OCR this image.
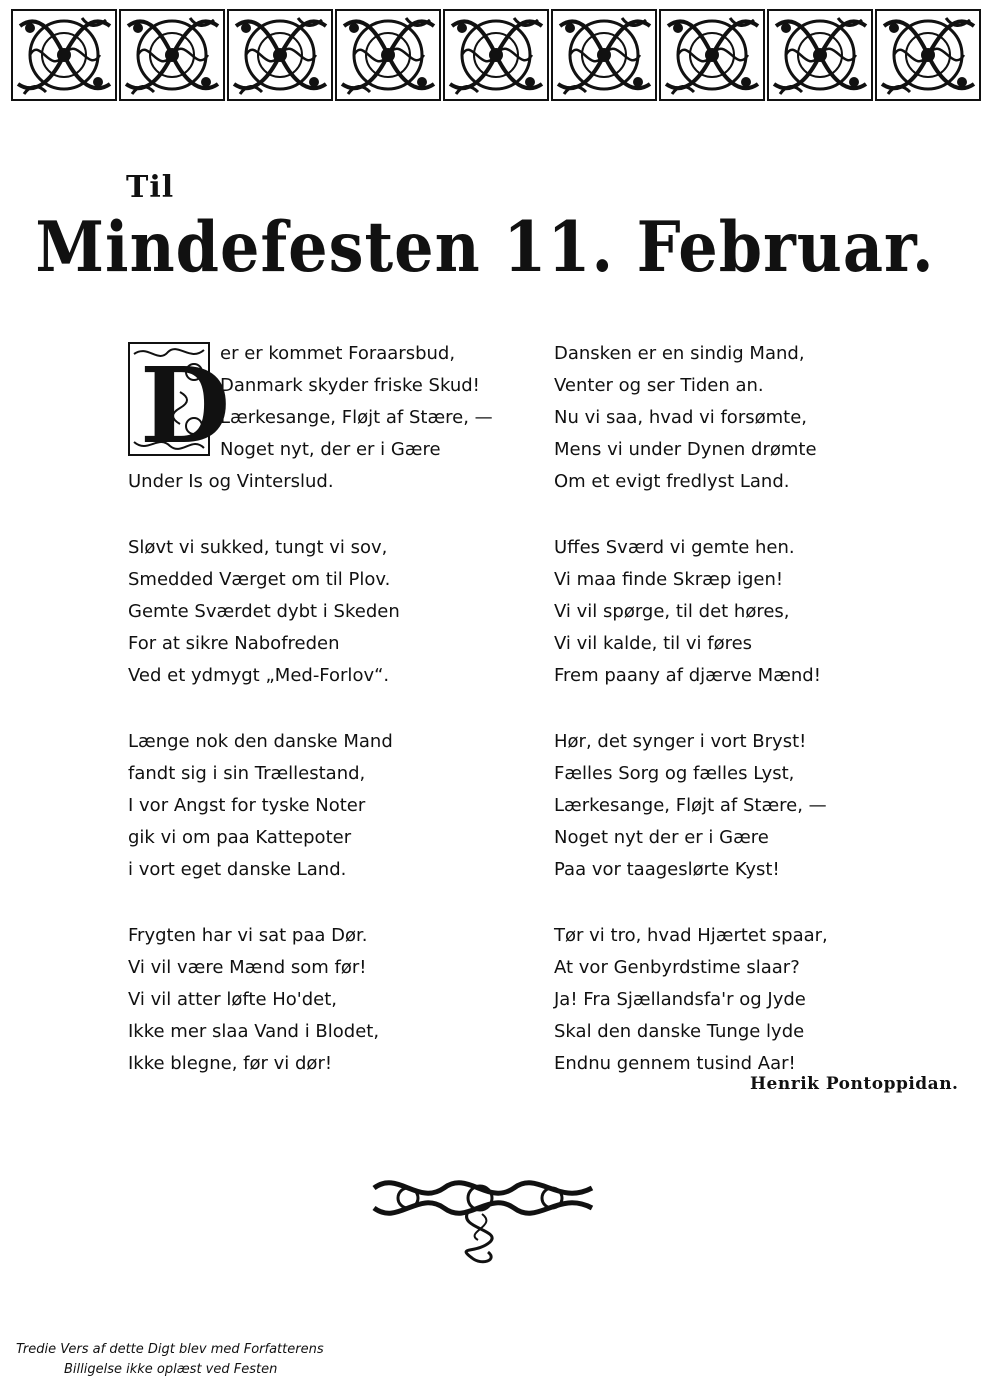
Til
Mindefesten 11. Februar.
D
er er kommet Foraarsbud,
Danmark skyder friske Skud!
Lærkesange, Fløjt af Stære, —
Noget nyt, der er i Gære
Under Is og Vinterslud.
Sløvt vi sukked, tungt vi sov,
Smedded Værget om til Plov.
Gemte Sværdet dybt i Skeden
For at sikre Nabofreden
Ved et ydmygt „Med-Forlov“.
Længe nok den danske Mand
fandt sig i sin Trællestand,
I vor Angst for tyske Noter
gik vi om paa Kattepoter
i vort eget danske Land.
Frygten har vi sat paa Dør.
Vi vil være Mænd som før!
Vi vil atter løfte Ho'det,
Ikke mer slaa Vand i Blodet,
Ikke blegne, før vi dør!
Dansken er en sindig Mand,
Venter og ser Tiden an.
Nu vi saa, hvad vi forsømte,
Mens vi under Dynen drømte
Om et evigt fredlyst Land.
Uffes Sværd vi gemte hen.
Vi maa finde Skræp igen!
Vi vil spørge, til det høres,
Vi vil kalde, til vi føres
Frem paany af djærve Mænd!
Hør, det synger i vort Bryst!
Fælles Sorg og fælles Lyst,
Lærkesange, Fløjt af Stære, —
Noget nyt der er i Gære
Paa vor taageslørte Kyst!
Tør vi tro, hvad Hjærtet spaar,
At vor Genbyrdstime slaar?
Ja! Fra Sjællandsfa'r og Jyde
Skal den danske Tunge lyde
Endnu gennem tusind Aar!
Henrik Pontoppidan.
Tredie Vers af dette Digt blev med Forfatterens
Billigelse ikke oplæst ved Festen
